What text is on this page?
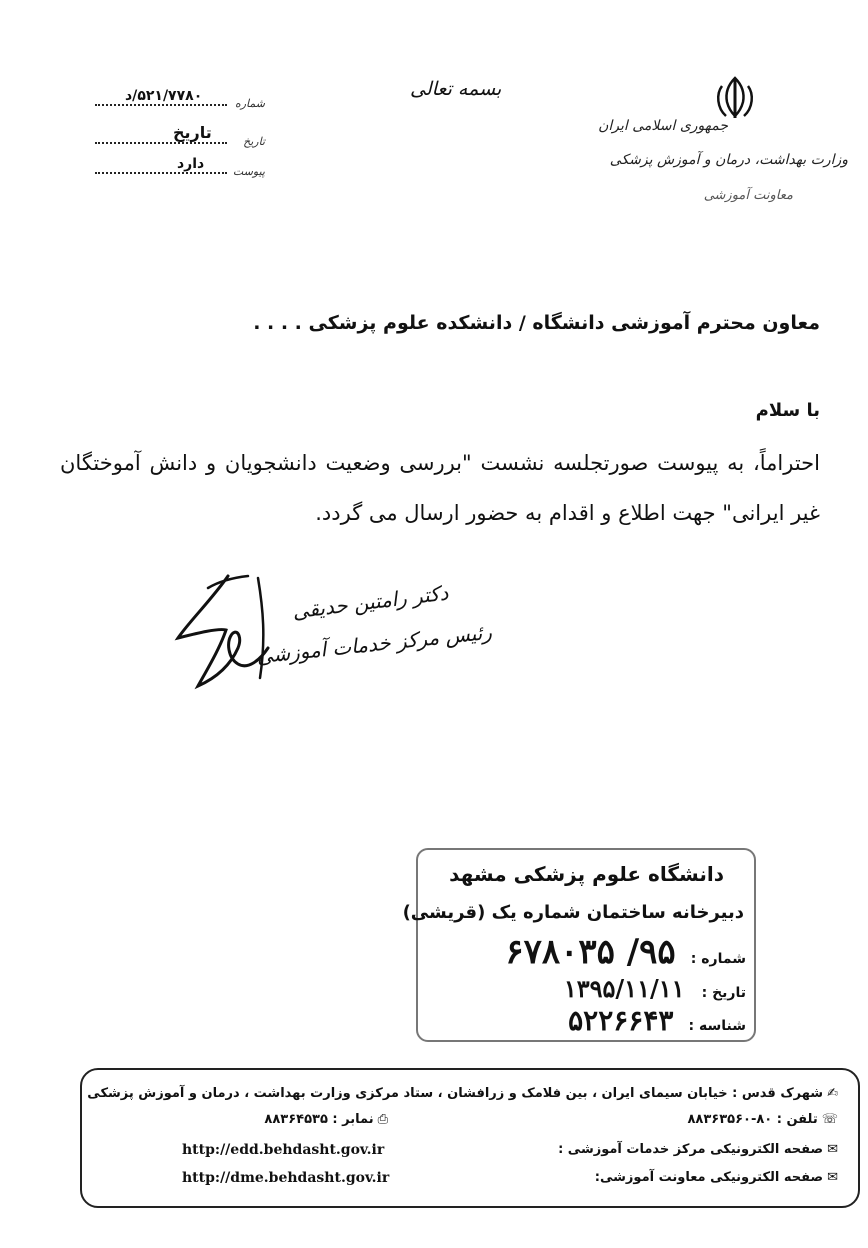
جمهوری اسلامی ایران
وزارت بهداشت، درمان و آموزش پزشکی
معاونت آموزشی
بسمه تعالی
۵۲۱/۷۷۸۰/د	شماره
تاریخ	تاریخ
دارد	پیوست
معاون محترم آموزشی دانشگاه / دانشکده علوم پزشکی . . . .
با سلام
احتراماً، به پیوست صورتجلسه نشست "بررسی وضعیت دانشجویان و دانش آموختگان غیر ایرانی" جهت اطلاع و اقدام به حضور ارسال می گردد.
دکتر رامتین حدیقی
رئیس مرکز خدمات آموزشی
دانشگاه علوم پزشکی مشهد
دبیرخانه ساختمان شماره یک (قریشی)
شماره : ۹۵/ ۶۷۸۰۳۵
تاریخ : ۱۳۹۵/۱۱/۱۱
شناسه : ۵۲۲۶۶۴۳
✍شهرک قدس : خیابان سیمای ایران ، بین فلامک و زرافشان ، ستاد مرکزی وزارت بهداشت ، درمان و آموزش پزشکی
☏تلفن : ۸۰-۸۸۳۶۳۵۶۰
⎙نمابر : ۸۸۳۶۴۵۳۵
✉صفحه الکترونیکی مرکز خدمات آموزشی :
http://edd.behdasht.gov.ir
✉صفحه الکترونیکی معاونت آموزشی:
http://dme.behdasht.gov.ir
